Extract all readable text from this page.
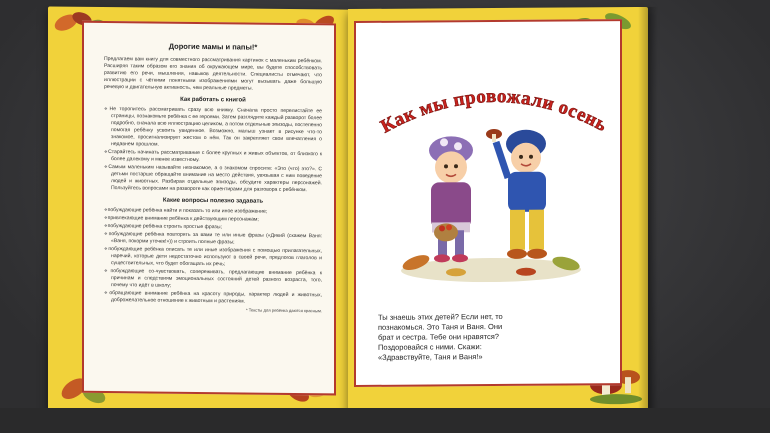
Дорогие мамы и папы!*
Предлагаем вам книгу для совместного рассматривания картинок с маленьким ребёнком. Расширяя таким образом его знания об окружающем мире, вы будете способствовать развитию его речи, мышления, навыков деятельности. Специалисты отмечают, что иллюстрации с чёткими понятными изображениями могут вызывать даже большую речевую и двигательную активность, чем реальные предметы.
Как работать с книгой
❖ Не торопитесь рассматривать сразу всю книжку. Сначала просто перелистайте ее страницы, познакомьте ребёнка с ее героями. Затем разглядите каждый разворот более подробно, сначала всю иллюстрацию целиком, а потом отдельные эпизоды, постепенно помогая ребёнку усвоить увиденное. Возможно, малыш узнает в рисунке что-то знакомое, просигнализирует жестом о нём. Так он закрепляет свои впечатления о недавнем прошлом.
❖ Старайтесь начинать рассматривание с более крупных и живых объектов, от близкого к более далекому и менее известному.
❖ Самым маленьким называйте незнакомое, а о знакомом спросите: «Это (что) это?». С детьми постарше обращайте внимание на место действия, увязывая с ним поведение людей и животных. Разбирая отдельные эпизоды, обсудите характеры персонажей. Пользуйтесь вопросами на развороте как ориентирами для разговора с ребёнком.
Какие вопросы полезно задавать
❖ побуждающие ребёнка найти и показать то или иное изображение;
❖ привлекающие внимание ребёнка к действующим персонажам;
❖ побуждающие ребёнка строить простые фразы;
❖ побуждающие ребёнка повторять за вами те или иные фразы («Дикий (скажем Ваня: «Ваня, покорми уточек!»)) и строить полные фразы;
❖ побуждающие ребёнка описать те или иные изображения с помощью прилагательных, наречий, которые дети недостаточно используют в своей речи, предлогов глаголов и существительных, что будет обогащать их речь;
❖ побуждающие со-чувствовать, сопереживать, предлагающие внимание ребёнка к причинам и следствиям эмоциональных состояний детей разного возраста, того, почему что идёт в школу;
❖ обращающие внимание ребёнка на красоту природы, характер людей и животных, доброжелательное отношение к животным и растениям.
* Тексты для ребёнка даются красным.
Как мы провожали осень
Ты знаешь этих детей? Если нет, то
познакомься. Это Таня и Ваня. Они
брат и сестра. Тебе они нравятся?
Поздоровайся с ними. Скажи:
«Здравствуйте, Таня и Ваня!»
